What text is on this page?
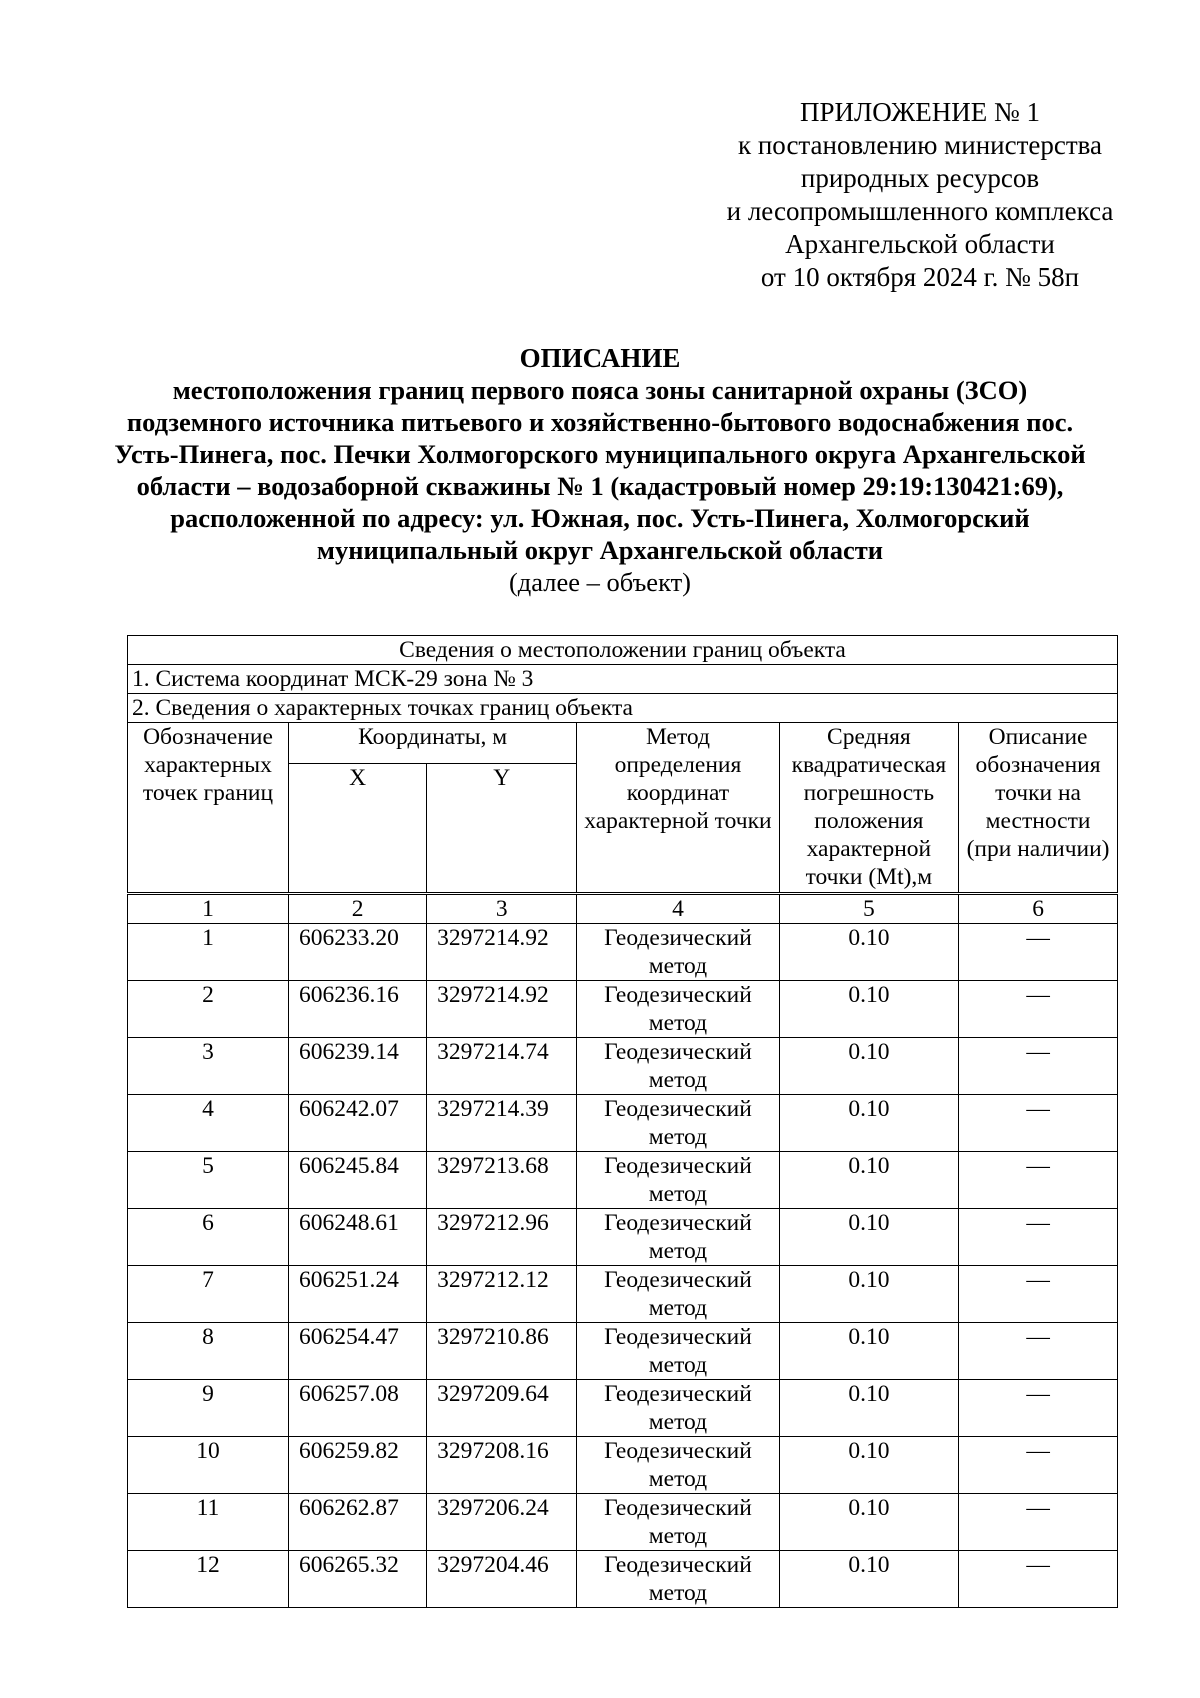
ПРИЛОЖЕНИЕ № 1
к постановлению министерства
природных ресурсов
и лесопромышленного комплекса
Архангельской области
от 10 октября 2024 г. № 58п
ОПИСАНИЕ
местоположения границ первого пояса зоны санитарной охраны (ЗСО)
подземного источника питьевого и хозяйственно-бытового водоснабжения пос.
Усть-Пинега, пос. Печки Холмогорского муниципального округа Архангельской
области – водозаборной скважины № 1 (кадастровый номер 29:19:130421:69),
расположенной по адресу: ул. Южная, пос. Усть-Пинега, Холмогорский
муниципальный округ Архангельской области
(далее – объект)
Сведения о местоположении границ объекта					
1. Система координат МСК-29 зона № 3					
2. Сведения о характерных точках границ объекта					
Обозначение характерных точек границ	Координаты, м		Метод определения координат характерной точки	Средняя квадратическая погрешность положения характерной точки (Mt),м	Описание обозначения точки на местности (при наличии)
	X	Y			
1	2	3	4	5	6
1	606233.20	3297214.92	Геодезический метод	0.10	—
2	606236.16	3297214.92	Геодезический метод	0.10	—
3	606239.14	3297214.74	Геодезический метод	0.10	—
4	606242.07	3297214.39	Геодезический метод	0.10	—
5	606245.84	3297213.68	Геодезический метод	0.10	—
6	606248.61	3297212.96	Геодезический метод	0.10	—
7	606251.24	3297212.12	Геодезический метод	0.10	—
8	606254.47	3297210.86	Геодезический метод	0.10	—
9	606257.08	3297209.64	Геодезический метод	0.10	—
10	606259.82	3297208.16	Геодезический метод	0.10	—
11	606262.87	3297206.24	Геодезический метод	0.10	—
12	606265.32	3297204.46	Геодезический метод	0.10	—
